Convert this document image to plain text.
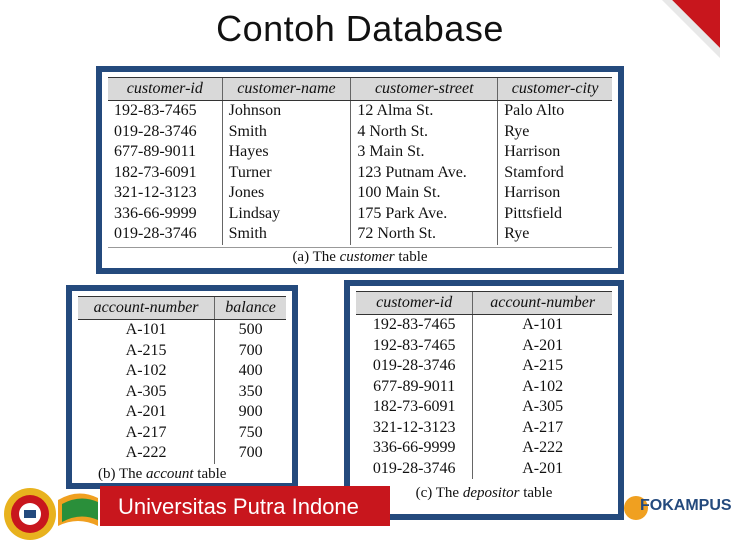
Contoh Database
customer-id	customer-name	customer-street	customer-city
192-83-7465	Johnson	12 Alma St.	Palo Alto
019-28-3746	Smith	4 North St.	Rye
677-89-9011	Hayes	3 Main St.	Harrison
182-73-6091	Turner	123 Putnam Ave.	Stamford
321-12-3123	Jones	100 Main St.	Harrison
336-66-9999	Lindsay	175 Park Ave.	Pittsfield
019-28-3746	Smith	72 North St.	Rye
(a) The customer table
account-number	balance
A-101	500
A-215	700
A-102	400
A-305	350
A-201	900
A-217	750
A-222	700
(b) The account table
customer-id	account-number
192-83-7465	A-101
192-83-7465	A-201
019-28-3746	A-215
677-89-9011	A-102
182-73-6091	A-305
321-12-3123	A-217
336-66-9999	A-222
019-28-3746	A-201
(c) The depositor table
Universitas Putra Indone	FOKAMPUS
